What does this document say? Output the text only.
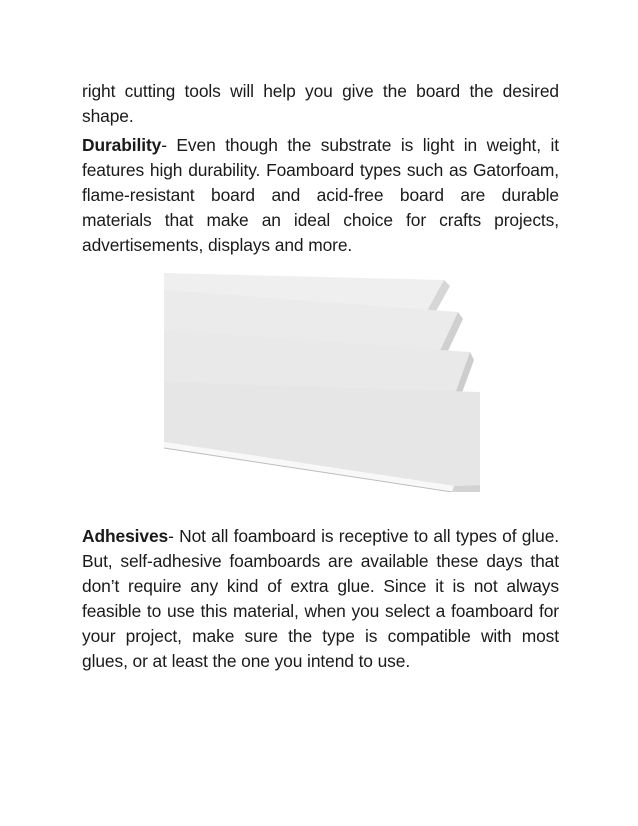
right cutting tools will help you give the board the desired shape.

Durability- Even though the substrate is light in weight, it features high durability. Foamboard types such as Gatorfoam, flame-resistant board and acid-free board are durable materials that make an ideal choice for crafts projects, advertisements, displays and more.

Adhesives- Not all foamboard is receptive to all types of glue. But, self-adhesive foamboards are available these days that don’t require any kind of extra glue. Since it is not always feasible to use this material, when you select a foamboard for your project, make sure the type is compatible with most glues, or at least the one you intend to use.
